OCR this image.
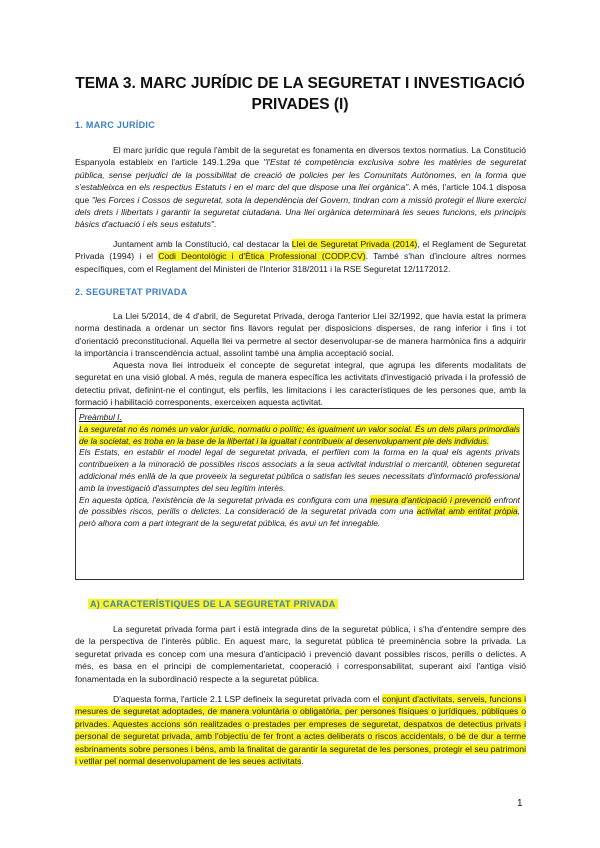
TEMA 3. MARC JURÍDIC DE LA SEGURETAT I INVESTIGACIÓ PRIVADES (I)
1. MARC JURÍDIC

El marc jurídic que regula l'àmbit de la seguretat es fonamenta en diversos textos normatius. La Constitució Espanyola estableix en l'article 149.1.29a que "l'Estat té competència exclusiva sobre les matèries de seguretat pública, sense perjudici de la possibilitat de creació de policies per les Comunitats Autònomes, en la forma que s'estableixca en els respectius Estatuts i en el marc del que dispose una llei orgànica". A més, l'article 104.1 disposa que "les Forces i Cossos de seguretat, sota la dependència del Govern, tindran com a missió protegir el lliure exercici dels drets i llibertats i garantir la seguretat ciutadana. Una llei orgànica determinarà les seues funcions, els principis bàsics d'actuació i els seus estatuts".

Juntament amb la Constitució, cal destacar la Llei de Seguretat Privada (2014), el Reglament de Seguretat Privada (1994) i el Codi Deontològic i d'Ètica Professional (CODP.CV). També s'han d'incloure altres normes específiques, com el Reglament del Ministeri de l'Interior 318/2011 i la RSE Seguretat 12/1172012.

2. SEGURETAT PRIVADA

La Llei 5/2014, de 4 d'abril, de Seguretat Privada, deroga l'anterior Llei 32/1992, que havia estat la primera norma destinada a ordenar un sector fins llavors regulat per disposicions disperses, de rang inferior i fins i tot d'orientació preconstitucional. Aquella llei va permetre al sector desenvolupar-se de manera harmònica fins a adquirir la importància i transcendència actual, assolint també una àmplia acceptació social.

Aquesta nova llei introdueix el concepte de seguretat integral, que agrupa les diferents modalitats de seguretat en una visió global. A més, regula de manera específica les activitats d'investigació privada i la professió de detectiu privat, definint-ne el contingut, els perfils, les limitacions i les característiques de les persones que, amb la formació i habilitació corresponents, exerceixen aquesta activitat.

Preàmbul I.

La seguretat no és només un valor jurídic, normatiu o polític; és igualment un valor social. És un dels pilars primordials de la societat, es troba en la base de la llibertat i la igualtat i contribueix al desenvolupament ple dels individus.

Els Estats, en establir el model legal de seguretat privada, el perfilen com la forma en la qual els agents privats contribueixen a la minoració de possibles riscos associats a la seua activitat industrial o mercantil, obtenen seguretat addicional més enllà de la que proveeix la seguretat pública o satisfan les seues necessitats d'informació professional amb la investigació d'assumptes del seu legítim interès.

En aquesta òptica, l'existència de la seguretat privada es configura com una mesura d'anticipació i prevenció enfront de possibles riscos, perills o delictes. La consideració de la seguretat privada com una activitat amb entitat pròpia, però alhora com a part integrant de la seguretat pública, és avui un fet innegable.

A) CARACTERÍSTIQUES DE LA SEGURETAT PRIVADA

La seguretat privada forma part i està integrada dins de la seguretat pública, i s'ha d'entendre sempre des de la perspectiva de l'interès públic. En aquest marc, la seguretat pública té preeminència sobre la privada. La seguretat privada es concep com una mesura d'anticipació i prevenció davant possibles riscos, perills o delictes. A més, es basa en el principi de complementarietat, cooperació i corresponsabilitat, superant així l'antiga visió fonamentada en la subordinació respecte a la seguretat pública.

D'aquesta forma, l'article 2.1 LSP defineix la seguretat privada com el conjunt d'activitats, serveis, funcions i mesures de seguretat adoptades, de manera voluntària o obligatòria, per persones físiques o jurídiques, públiques o privades. Aquestes accions són realitzades o prestades per empreses de seguretat, despatxos de detectius privats i personal de seguretat privada, amb l'objectiu de fer front a actes deliberats o riscos accidentals, o bé de dur a terme esbrinaments sobre persones i béns, amb la finalitat de garantir la seguretat de les persones, protegir el seu patrimoni i vetllar pel normal desenvolupament de les seues activitats.

1
